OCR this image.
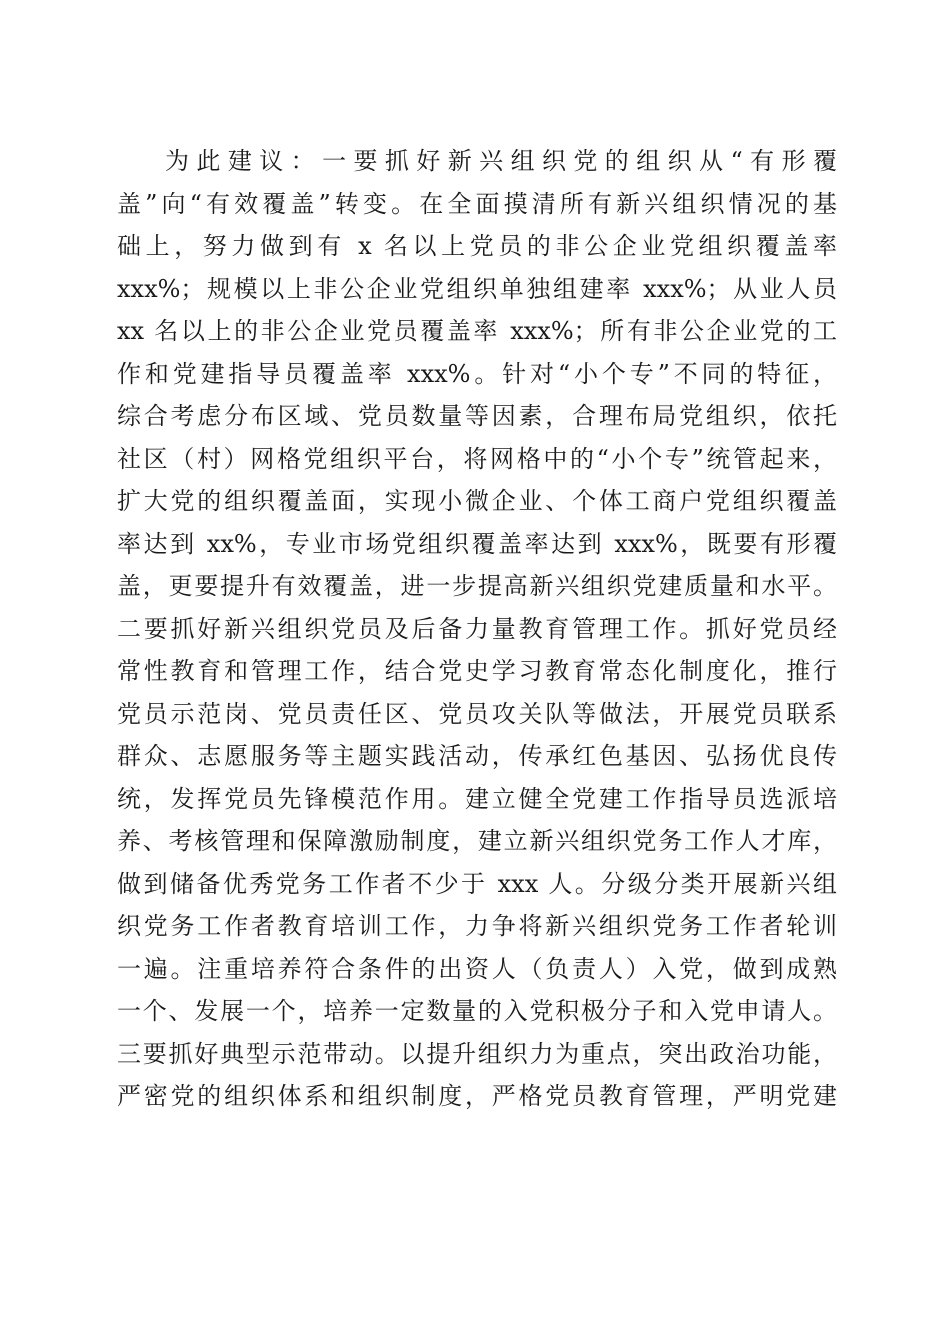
为此建议：一要抓好新兴组织党的组织从“有形覆
盖”向“有效覆盖”转变。在全面摸清所有新兴组织情况的基
础上，努力做到有 x 名以上党员的非公企业党组织覆盖率
xxx%；规模以上非公企业党组织单独组建率 xxx%；从业人员
xx 名以上的非公企业党员覆盖率 xxx%；所有非公企业党的工
作和党建指导员覆盖率 xxx%。针对“小个专”不同的特征，
综合考虑分布区域、党员数量等因素，合理布局党组织，依托
社区（村）网格党组织平台，将网格中的“小个专”统管起来，
扩大党的组织覆盖面，实现小微企业、个体工商户党组织覆盖
率达到 xx%，专业市场党组织覆盖率达到 xxx%，既要有形覆
盖，更要提升有效覆盖，进一步提高新兴组织党建质量和水平。
二要抓好新兴组织党员及后备力量教育管理工作。抓好党员经
常性教育和管理工作，结合党史学习教育常态化制度化，推行
党员示范岗、党员责任区、党员攻关队等做法，开展党员联系
群众、志愿服务等主题实践活动，传承红色基因、弘扬优良传
统，发挥党员先锋模范作用。建立健全党建工作指导员选派培
养、考核管理和保障激励制度，建立新兴组织党务工作人才库，
做到储备优秀党务工作者不少于 xxx 人。分级分类开展新兴组
织党务工作者教育培训工作，力争将新兴组织党务工作者轮训
一遍。注重培养符合条件的出资人（负责人）入党，做到成熟
一个、发展一个，培养一定数量的入党积极分子和入党申请人。
三要抓好典型示范带动。以提升组织力为重点，突出政治功能，
严密党的组织体系和组织制度，严格党员教育管理，严明党建
